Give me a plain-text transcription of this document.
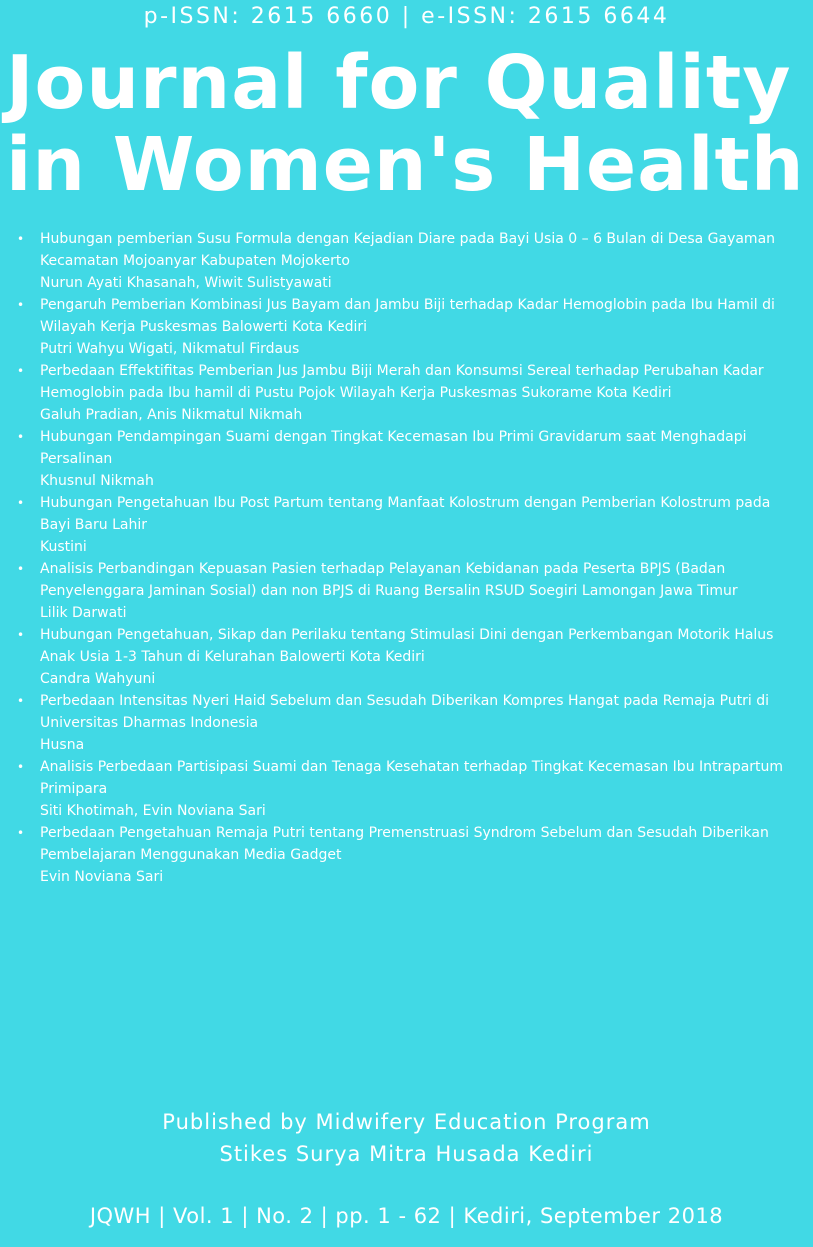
p-ISSN: 2615 6660 | e-ISSN: 2615 6644
Journal for Quality
in Women's Health
• Hubungan pemberian Susu Formula dengan Kejadian Diare pada Bayi Usia 0 – 6 Bulan di Desa Gayaman Kecamatan Mojoanyar Kabupaten Mojokerto
Nurun Ayati Khasanah, Wiwit Sulistyawati
• Pengaruh Pemberian Kombinasi Jus Bayam dan Jambu Biji terhadap Kadar Hemoglobin pada Ibu Hamil di Wilayah Kerja Puskesmas Balowerti Kota Kediri
Putri Wahyu Wigati, Nikmatul Firdaus
• Perbedaan Effektifitas Pemberian Jus Jambu Biji Merah dan Konsumsi Sereal terhadap Perubahan Kadar Hemoglobin pada Ibu hamil di Pustu Pojok Wilayah Kerja Puskesmas Sukorame Kota Kediri
Galuh Pradian, Anis Nikmatul Nikmah
• Hubungan Pendampingan Suami dengan Tingkat Kecemasan Ibu Primi Gravidarum saat Menghadapi Persalinan
Khusnul Nikmah
• Hubungan Pengetahuan Ibu Post Partum tentang Manfaat Kolostrum dengan Pemberian Kolostrum pada Bayi Baru Lahir
Kustini
• Analisis Perbandingan Kepuasan Pasien terhadap Pelayanan Kebidanan pada Peserta BPJS (Badan Penyelenggara Jaminan Sosial) dan non BPJS di Ruang Bersalin RSUD Soegiri Lamongan Jawa Timur
Lilik Darwati
• Hubungan Pengetahuan, Sikap dan Perilaku tentang Stimulasi Dini dengan Perkembangan Motorik Halus Anak Usia 1-3 Tahun di Kelurahan Balowerti Kota Kediri
Candra Wahyuni
• Perbedaan Intensitas Nyeri Haid Sebelum dan Sesudah Diberikan Kompres Hangat pada Remaja Putri di Universitas Dharmas Indonesia
Husna
• Analisis Perbedaan Partisipasi Suami dan Tenaga Kesehatan terhadap Tingkat Kecemasan Ibu Intrapartum Primipara
Siti Khotimah, Evin Noviana Sari
• Perbedaan Pengetahuan Remaja Putri tentang Premenstruasi Syndrom Sebelum dan Sesudah Diberikan Pembelajaran Menggunakan Media Gadget
Evin Noviana Sari
Published by Midwifery Education Program
Stikes Surya Mitra Husada Kediri
JQWH | Vol. 1 | No. 2 | pp. 1 - 62 | Kediri, September 2018
